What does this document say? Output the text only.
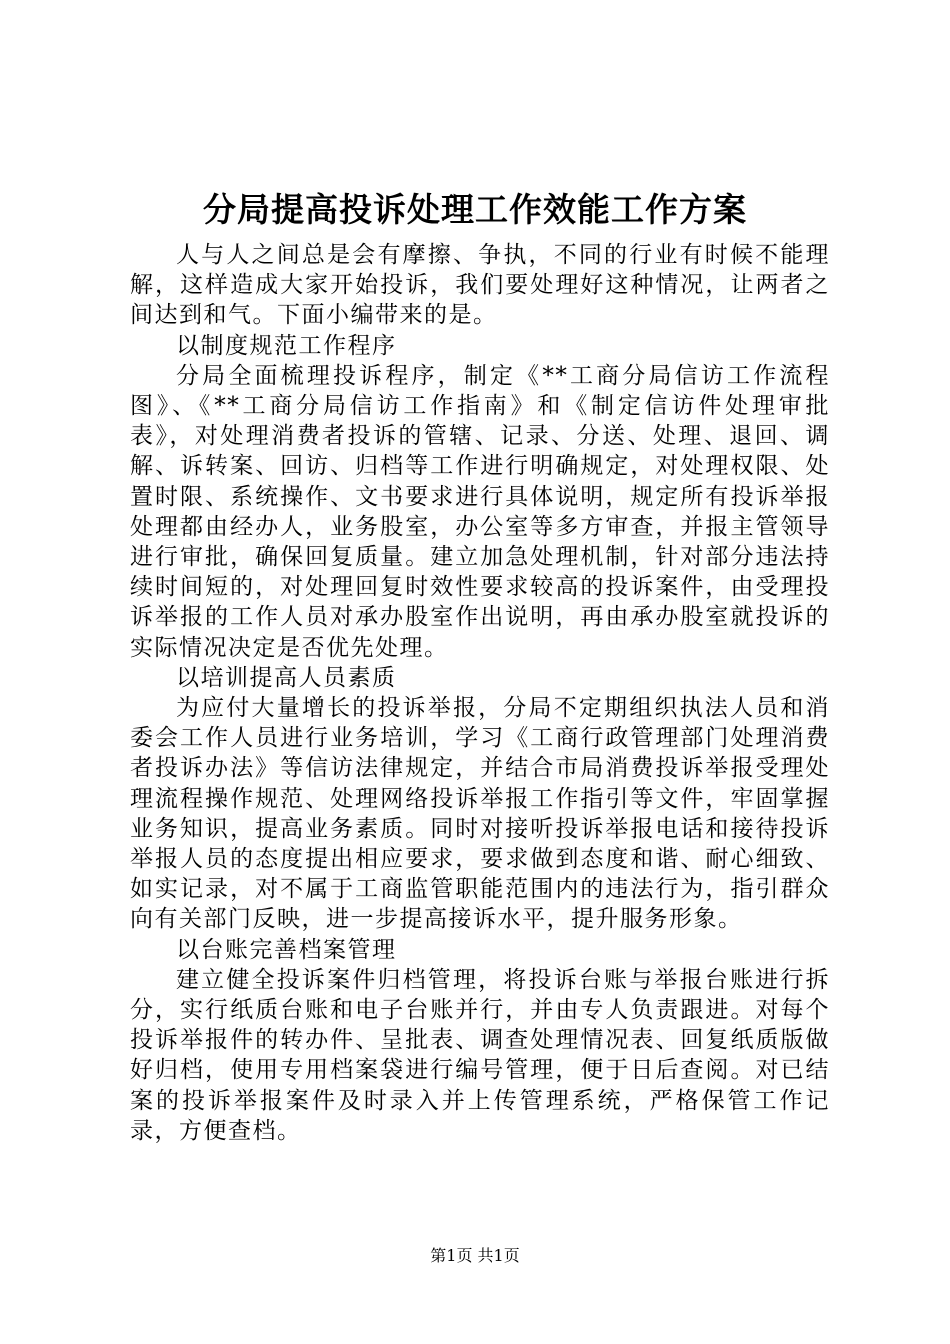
分局提高投诉处理工作效能工作方案

人与人之间总是会有摩擦、争执，不同的行业有时候不能理解，这样造成大家开始投诉，我们要处理好这种情况，让两者之间达到和气。下面小编带来的是。

以制度规范工作程序

分局全面梳理投诉程序，制定《**工商分局信访工作流程图》、《**工商分局信访工作指南》和《制定信访件处理审批表》，对处理消费者投诉的管辖、记录、分送、处理、退回、调解、诉转案、回访、归档等工作进行明确规定，对处理权限、处置时限、系统操作、文书要求进行具体说明，规定所有投诉举报处理都由经办人，业务股室，办公室等多方审查，并报主管领导进行审批，确保回复质量。建立加急处理机制，针对部分违法持续时间短的，对处理回复时效性要求较高的投诉案件，由受理投诉举报的工作人员对承办股室作出说明，再由承办股室就投诉的实际情况决定是否优先处理。

以培训提高人员素质

为应付大量增长的投诉举报，分局不定期组织执法人员和消委会工作人员进行业务培训，学习《工商行政管理部门处理消费者投诉办法》等信访法律规定，并结合市局消费投诉举报受理处理流程操作规范、处理网络投诉举报工作指引等文件，牢固掌握业务知识，提高业务素质。同时对接听投诉举报电话和接待投诉举报人员的态度提出相应要求，要求做到态度和谐、耐心细致、如实记录，对不属于工商监管职能范围内的违法行为，指引群众向有关部门反映，进一步提高接诉水平，提升服务形象。

以台账完善档案管理

建立健全投诉案件归档管理，将投诉台账与举报台账进行拆分，实行纸质台账和电子台账并行，并由专人负责跟进。对每个投诉举报件的转办件、呈批表、调查处理情况表、回复纸质版做好归档，使用专用档案袋进行编号管理，便于日后查阅。对已结案的投诉举报案件及时录入并上传管理系统，严格保管工作记录，方便查档。

第1页 共1页
